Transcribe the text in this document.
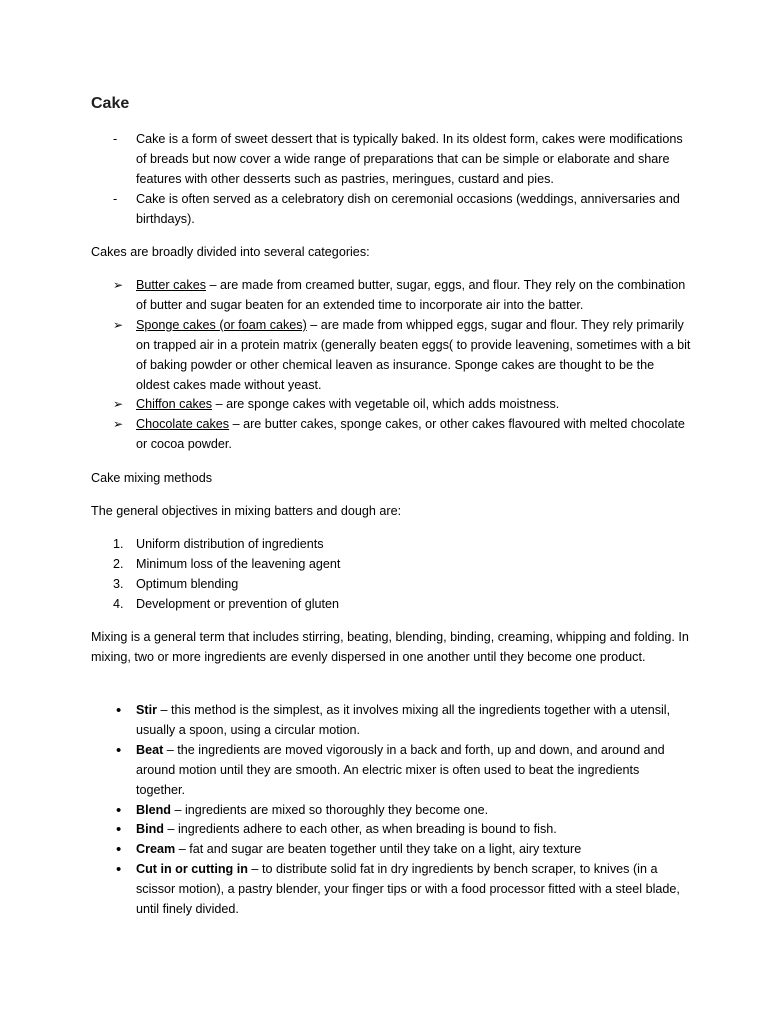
Cake
-	Cake is a form of sweet dessert that is typically baked. In its oldest form, cakes were modifications of breads but now cover a wide range of preparations that can be simple or elaborate and share features with other desserts such as pastries, meringues, custard and pies.
-	Cake is often served as a celebratory dish on ceremonial occasions (weddings, anniversaries and birthdays).

Cakes are broadly divided into several categories:

➢	Butter cakes – are made from creamed butter, sugar, eggs, and flour. They rely on the combination of butter and sugar beaten for an extended time to incorporate air into the batter.
➢	Sponge cakes (or foam cakes) – are made from whipped eggs, sugar and flour. They rely primarily on trapped air in a protein matrix (generally beaten eggs( to provide leavening, sometimes with a bit of baking powder or other chemical leaven as insurance. Sponge cakes are thought to be the oldest cakes made without yeast.
➢	Chiffon cakes – are sponge cakes with vegetable oil, which adds moistness.
➢	Chocolate cakes – are butter cakes, sponge cakes, or other cakes flavoured with melted chocolate or cocoa powder.

Cake mixing methods

The general objectives in mixing batters and dough are:

1. Uniform distribution of ingredients
2. Minimum loss of the leavening agent
3. Optimum blending
4. Development or prevention of gluten

Mixing is a general term that includes stirring, beating, blending, binding, creaming, whipping and folding. In mixing, two or more ingredients are evenly dispersed in one another until they become one product.

•	Stir – this method is the simplest, as it involves mixing all the ingredients together with a utensil, usually a spoon, using a circular motion.
•	Beat – the ingredients are moved vigorously in a back and forth, up and down, and around and around motion until they are smooth. An electric mixer is often used to beat the ingredients together.
•	Blend – ingredients are mixed so thoroughly they become one.
•	Bind – ingredients adhere to each other, as when breading is bound to fish.
•	Cream – fat and sugar are beaten together until they take on a light, airy texture
•	Cut in or cutting in – to distribute solid fat in dry ingredients by bench scraper, to knives (in a scissor motion), a pastry blender, your finger tips or with a food processor fitted with a steel blade, until finely divided.
